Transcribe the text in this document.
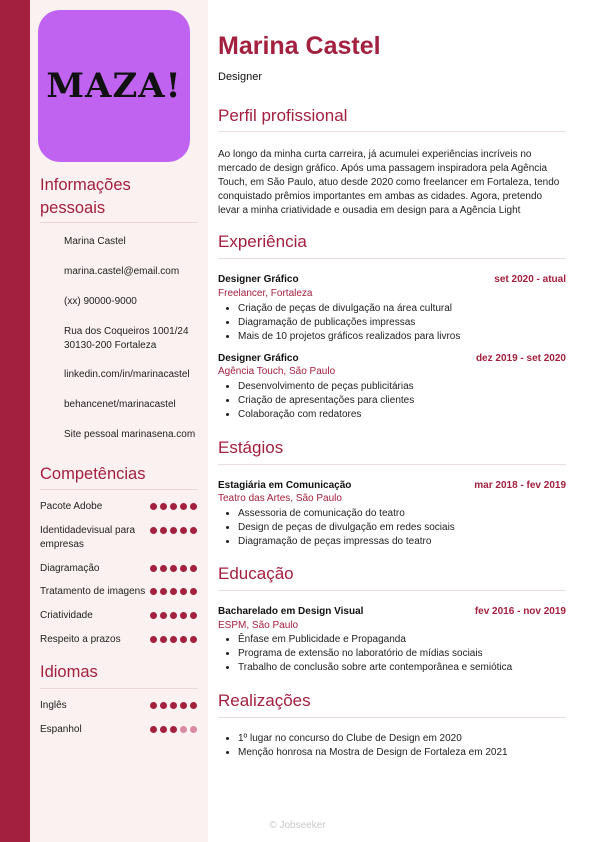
MAZA!
Informações
pessoais
Marina Castel
marina.castel@email.com
(xx) 90000-9000
Rua dos Coqueiros 1001/24
30130-200 Fortaleza
linkedin.com/in/marinacastel
behancenet/marinacastel
Site pessoal marinasena.com
Competências
Pacote Adobe
Identidadevisual para empresas
Diagramação
Tratamento de imagens
Criatividade
Respeito a prazos
Idiomas
Inglês
Espanhol
Marina Castel
Designer
Perfil profissional
Ao longo da minha curta carreira, já acumulei experiências incríveis no mercado de design gráfico. Após uma passagem inspiradora pela Agência Touch, em São Paulo, atuo desde 2020 como freelancer em Fortaleza, tendo conquistado prêmios importantes em ambas as cidades. Agora, pretendo levar a minha criatividade e ousadia em design para a Agência Light
Experiência
Designer Gráfico	set 2020 - atual
Freelancer, Fortaleza
• Criação de peças de divulgação na área cultural
• Diagramação de publicações impressas
• Mais de 10 projetos gráficos realizados para livros
Designer Gráfico	dez 2019 - set 2020
Agência Touch, São Paulo
• Desenvolvimento de peças publicitárias
• Criação de apresentações para clientes
• Colaboração com redatores
Estágios
Estagiária em Comunicação	mar 2018 - fev 2019
Teatro das Artes, São Paulo
• Assessoria de comunicação do teatro
• Design de peças de divulgação em redes sociais
• Diagramação de peças impressas do teatro
Educação
Bacharelado em Design Visual	fev 2016 - nov 2019
ESPM, São Paulo
• Ênfase em Publicidade e Propaganda
• Programa de extensão no laboratório de mídias sociais
• Trabalho de conclusão sobre arte contemporânea e semiótica
Realizações
• 1º lugar no concurso do Clube de Design em 2020
• Menção honrosa na Mostra de Design de Fortaleza em 2021
© Jobseeker
